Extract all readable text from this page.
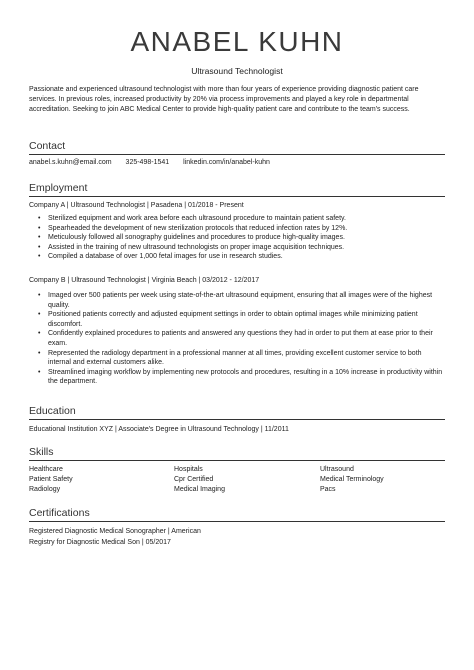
ANABEL KUHN
Ultrasound Technologist
Passionate and experienced ultrasound technologist with more than four years of experience providing diagnostic patient care services. In previous roles, increased productivity by 20% via process improvements and played a key role in departmental accreditation. Seeking to join ABC Medical Center to provide high-quality patient care and contribute to the team's success.
Contact
anabel.s.kuhn@email.com 325-498-1541 linkedin.com/in/anabel-kuhn
Employment
Company A | Ultrasound Technologist | Pasadena | 01/2018 - Present
• Sterilized equipment and work area before each ultrasound procedure to maintain patient safety.
• Spearheaded the development of new sterilization protocols that reduced infection rates by 12%.
• Meticulously followed all sonography guidelines and procedures to produce high-quality images.
• Assisted in the training of new ultrasound technologists on proper image acquisition techniques.
• Compiled a database of over 1,000 fetal images for use in research studies.
Company B | Ultrasound Technologist | Virginia Beach | 03/2012 - 12/2017
• Imaged over 500 patients per week using state-of-the-art ultrasound equipment, ensuring that all images were of the highest quality.
• Positioned patients correctly and adjusted equipment settings in order to obtain optimal images while minimizing patient discomfort.
• Confidently explained procedures to patients and answered any questions they had in order to put them at ease prior to their exam.
• Represented the radiology department in a professional manner at all times, providing excellent customer service to both internal and external customers alike.
• Streamlined imaging workflow by implementing new protocols and procedures, resulting in a 10% increase in productivity within the department.
Education
Educational Institution XYZ | Associate's Degree in Ultrasound Technology | 11/2011
Skills
Healthcare	Hospitals	Ultrasound
Patient Safety	Cpr Certified	Medical Terminology
Radiology	Medical Imaging	Pacs
Certifications
Registered Diagnostic Medical Sonographer | American
Registry for Diagnostic Medical Son | 05/2017
